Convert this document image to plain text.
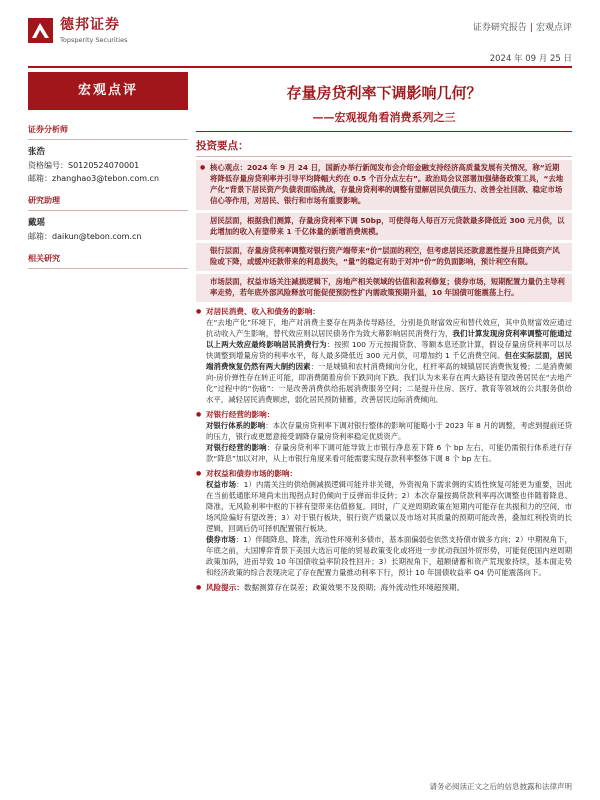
德邦证券
Topsperity Securities
证券研究报告 | 宏观点评
2024 年 09 月 25 日
宏观点评
证券分析师
张浩
资格编号：S0120524070001
邮箱：zhanghao3@tebon.com.cn
研究助理
戴瑶
邮箱：daikun@tebon.com.cn
相关研究
存量房贷利率下调影响几何？
——宏观视角看消费系列之三
投资要点：
● 核心观点：2024 年 9 月 24 日，国新办举行新闻发布会介绍金融支持经济高质量发展有关情况，称“近期将降低存量房贷利率并引导平均降幅大约在 0.5 个百分点左右”。政治局会议部署加强储备政策工具，“去地产化”背景下居民资产负债表面临挑战，存量房贷利率的调整有望解居民负债压力、改善全社回款、稳定市场信心等作用，对居民、银行和市场有重要影响。
居民层面，根据我们测算，存量房贷利率下调 50bp，可使得每人每百万元贷款最多降低近 300 元月供，以此增加的收入有望带来 1 千亿体量的新增消费规模。
银行层面，存量房贷利率调整对银行资产端带来“价”层面的利空，但考虑居民还款意愿性提升且降低资产风险或下降，或缓冲还款带来的利息损失，“量”的稳定有助于对冲“价”的负面影响，预计利空有限。
市场层面，权益市场关注减损逻辑下，房地产相关领域的估值和盈利修复；债券市场，短期配置力量仍主导利率走势，若年底外部风险释放可能促使预防性扩内需政策预期升温，10 年国债可能震荡上行。
● 对居民消费、收入和债务的影响：
在“去地产化”环境下，地产对消费主要存在两条传导路径，分别是负财富效应和替代效应，其中负财富效应通过抗动收入产生影响，替代效应则以居民债务作为致大幕影响居民消费行为，我们计算发现房贷利率调整可能通过以上两大效应最终影响居民消费行为：按照 100 万元按揭贷款、等额本息还款计算，假设存量房贷利率可以尽快调整到增量房贷的利率水平，每人最多降低近 300 元月供，可增加约 1 千亿消费空间。但在实际层面，居民端消费恢复仍然有两大制约因素：一是城镇和农村消费倾向分化，杠杆率高的城镇居民消费恢复慢；二是消费倾向-房价弹性存在转正可能，即消费随着房价下跌同向下跌。我们认为未来存在两大路径有望改善居民在“去地产化”过程中的“伤痛”：一是改善消费供给拓展消费服务空间；二是提升住房、医疗、教育等领域的公共服务供给水平，减轻居民消费顾虑，弱化居民预防储蓄，改善居民边际消费倾向。
● 对银行经营的影响：
对银行体系的影响：本次存量房贷利率下调对银行整体的影响可能略小于 2023 年 8 月的调整，考虑到提前还贷的压力，银行或更愿意接受调降存量房贷利率稳定优质资产。
对银行经营的影响：存量房贷利率下调可能导致上市银行净息差下降 6 个 bp 左右，可能仍需银行体系进行存款“降息”加以对冲，从上市银行角度来看可能需要实现存款利率整体下调 8 个 bp 左右。
● 对权益和债券市场的影响：
权益市场：1）内需关注的供给侧减损逻辑可能并非关键，外资视角下需求侧的实质性恢复可能更为重要，因此在当前低通胀环境尚未出现拐点时仍倾向于反弹而非反转；2）本次存量按揭贷款利率再次调整也伴随着降息、降准，无风险利率中枢的下移有望带来估值修复。同时，广义逆周期政策在短期内可能存在共振和力的空间，市场风险偏好有望改善；3）对于银行板块，银行资产质量以及市场对其质量的预期可能改善，叠加红利投资的长逻辑，回调后仍可择机配置银行板块。
债券市场：1）伴随降息、降准，流动性环境利多债市，基本面偏弱也依然支持债市做多方向；2）中期视角下，年底之前，大国博弈背景下美国大选后可能的贸易政策变化或将进一步扰动我国外贸形势，可能促使国内逆周期政策加码，进而导致 10 年国债收益率阶段性回升；3）长期视角下，超额储蓄和资产荒现象持续，基本面走势和经济政策的综合表现决定了存在配置力量推动利率下行，预计 10 年国债收益率 Q4 仍可能震荡向下。
● 风险提示：数据测算存在误差；政策效果不及预期；海外流动性环境超预期。
请务必阅读正文之后的信息披露和法律声明
